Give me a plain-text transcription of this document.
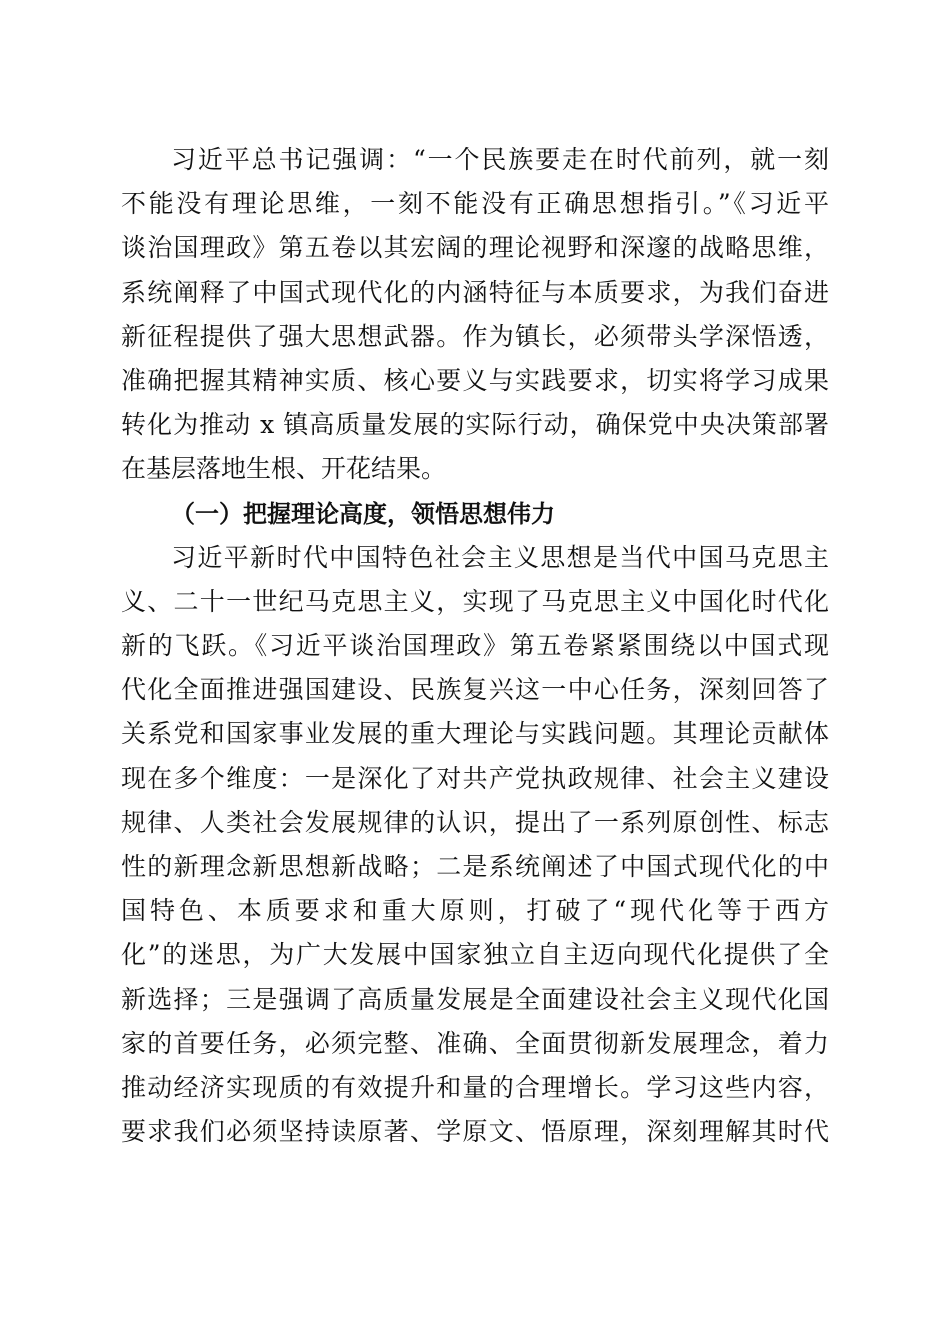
习近平总书记强调：“一个民族要走在时代前列，就一刻
不能没有理论思维，一刻不能没有正确思想指引。”《习近平
谈治国理政》第五卷以其宏阔的理论视野和深邃的战略思维，
系统阐释了中国式现代化的内涵特征与本质要求，为我们奋进
新征程提供了强大思想武器。作为镇长，必须带头学深悟透，
准确把握其精神实质、核心要义与实践要求，切实将学习成果
转化为推动 x 镇高质量发展的实际行动，确保党中央决策部署
在基层落地生根、开花结果。
（一）把握理论高度，领悟思想伟力
习近平新时代中国特色社会主义思想是当代中国马克思主
义、二十一世纪马克思主义，实现了马克思主义中国化时代化
新的飞跃。《习近平谈治国理政》第五卷紧紧围绕以中国式现
代化全面推进强国建设、民族复兴这一中心任务，深刻回答了
关系党和国家事业发展的重大理论与实践问题。其理论贡献体
现在多个维度：一是深化了对共产党执政规律、社会主义建设
规律、人类社会发展规律的认识，提出了一系列原创性、标志
性的新理念新思想新战略；二是系统阐述了中国式现代化的中
国特色、本质要求和重大原则，打破了“现代化等于西方
化”的迷思，为广大发展中国家独立自主迈向现代化提供了全
新选择；三是强调了高质量发展是全面建设社会主义现代化国
家的首要任务，必须完整、准确、全面贯彻新发展理念，着力
推动经济实现质的有效提升和量的合理增长。学习这些内容，
要求我们必须坚持读原著、学原文、悟原理，深刻理解其时代
